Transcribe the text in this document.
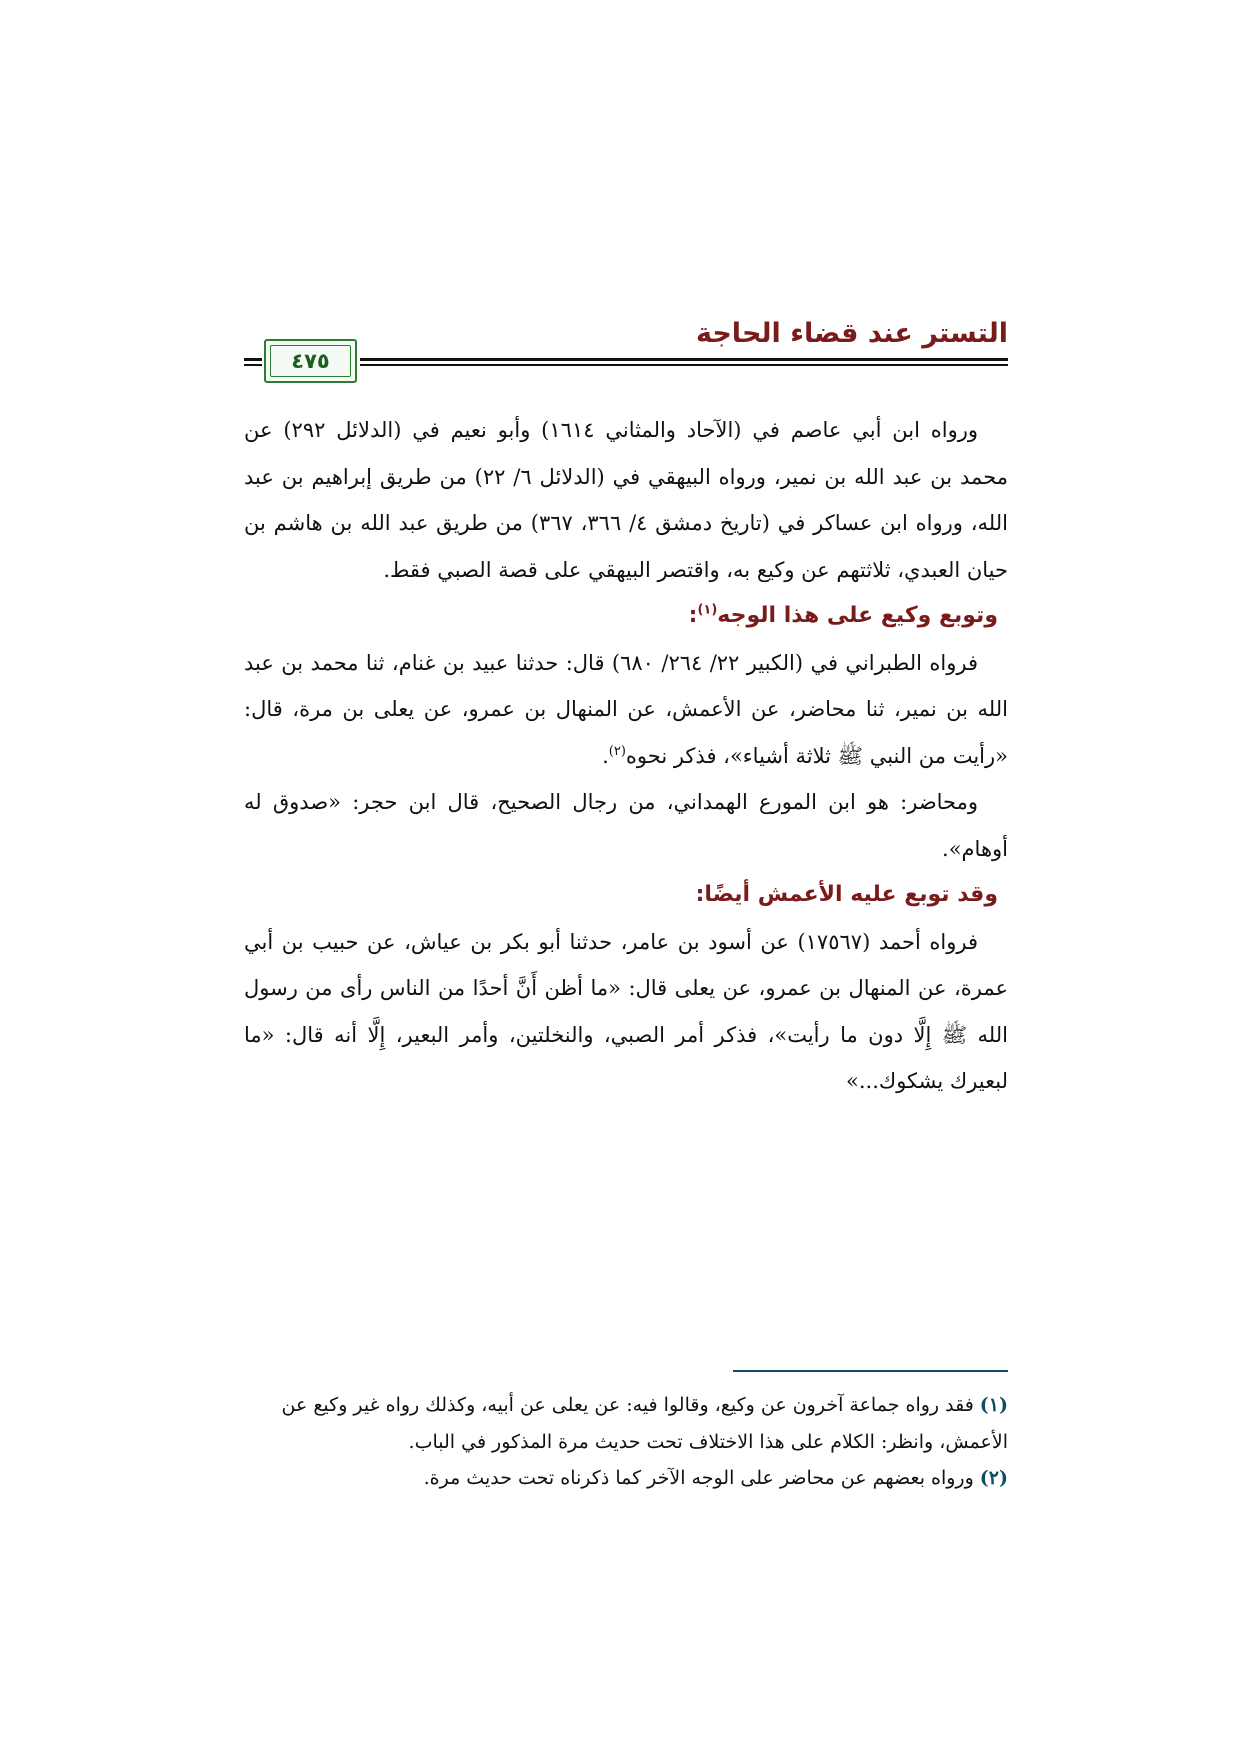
التستر عند قضاء الحاجة
٤٧٥

ورواه ابن أبي عاصم في (الآحاد والمثاني ١٦١٤) وأبو نعيم في (الدلائل ٢٩٢) عن محمد بن عبد الله بن نمير، ورواه البيهقي في (الدلائل ٦/ ٢٢) من طريق إبراهيم بن عبد الله، ورواه ابن عساكر في (تاريخ دمشق ٤/ ٣٦٦، ٣٦٧) من طريق عبد الله بن هاشم بن حيان العبدي، ثلاثتهم عن وكيع به، واقتصر البيهقي على قصة الصبي فقط.

وتوبع وكيع على هذا الوجه$^{(١)}$:

فرواه الطبراني في (الكبير ٢٢/ ٢٦٤/ ٦٨٠) قال: حدثنا عبيد بن غنام، ثنا محمد بن عبد الله بن نمير، ثنا محاضر، عن الأعمش، عن المنهال بن عمرو، عن يعلى بن مرة، قال: «رأيت من النبي ﷺ ثلاثة أشياء»، فذكر نحوه$^{(٢)}$.

ومحاضر: هو ابن المورع الهمداني، من رجال الصحيح، قال ابن حجر: «صدوق له أوهام».

وقد توبع عليه الأعمش أيضًا:

فرواه أحمد (١٧٥٦٧) عن أسود بن عامر، حدثنا أبو بكر بن عياش، عن حبيب بن أبي عمرة، عن المنهال بن عمرو، عن يعلى قال: «ما أظن أَنَّ أحدًا من الناس رأى من رسول الله ﷺ إِلَّا دون ما رأيت»، فذكر أمر الصبي، والنخلتين، وأمر البعير، إِلَّا أنه قال: «ما لبعيرك يشكوك...»

(١)فقد رواه جماعة آخرون عن وكيع، وقالوا فيه: عن يعلى عن أبيه، وكذلك رواه غير وكيع عن الأعمش، وانظر: الكلام على هذا الاختلاف تحت حديث مرة المذكور في الباب.

(٢)ورواه بعضهم عن محاضر على الوجه الآخر كما ذكرناه تحت حديث مرة.
